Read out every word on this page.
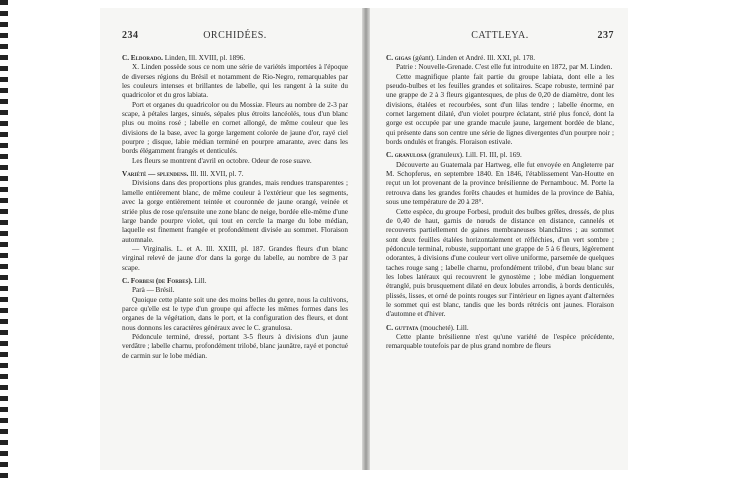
ORCHIDÉES.
234

C. Eldorado. Linden, Ill. XVIII, pl. 1896.

X. Linden possède sous ce nom une série de variétés importées à l'époque de diverses régions du Brésil et notamment de Rio-Negro, remarquables par les couleurs intenses et brillantes de labelle, qui les rangent à la suite du quadricolor et du gros labiata.

Port et organes du quadricolor ou du Mossiæ. Fleurs au nombre de 2-3 par scape, à pétales larges, sinués, sépales plus étroits lancéolés, tous d'un blanc plus ou moins rosé ; labelle en cornet allongé, de même couleur que les divisions de la base, avec la gorge largement colorée de jaune d'or, rayé ciel pourpre ; disque, labie médian terminé en pourpre amarante, avec dans les bords élégamment frangés et denticulés.

Les fleurs se montrent d'avril en octobre. Odeur de rose suave.

Variété — splendens. Ill. Ill. XVII, pl. 7.

Divisions dans des proportions plus grandes, mais rendues transparentes ; lamelle entièrement blanc, de même couleur à l'extérieur que les segments, avec la gorge entièrement teintée et couronnée de jaune orangé, veinée et striée plus de rose qu'ensuite une zone blanc de neige, bordée elle-même d'une large bande pourpre violet, qui tout en cercle la marge du lobe médian, laquelle est finement frangée et profondément divisée au sommet. Floraison automnale.

— Virginalis. L. et A. Ill. XXIII, pl. 187. Grandes fleurs d'un blanc virginal relevé de jaune d'or dans la gorge du labelle, au nombre de 3 par scape.

C. Forbesi (de Forbes). Lill.

Parà — Brésil.

Quoique cette plante soit une des moins belles du genre, nous la cultivons, parce qu'elle est le type d'un groupe qui affecte les mêmes formes dans les organes de la végétation, dans le port, et la configuration des fleurs, et dont nous donnons les caractères généraux avec le C. granulosa.

Pédoncule terminé, dressé, portant 3-5 fleurs à divisions d'un jaune verdâtre ; labelle charnu, profondément trilobé, blanc jaunâtre, rayé et ponctué de carmin sur le lobe médian.

CATTLEYA.	237

C. gigas (géant). Linden et André. Ill. XXI, pl. 178.

Patrie : Nouvelle-Grenade. C'est elle fut introduite en 1872, par M. Linden.

Cette magnifique plante fait partie du groupe labiata, dont elle a les pseudo-bulbes et les feuilles grandes et solitaires. Scape robuste, terminé par une grappe de 2 à 3 fleurs gigantesques, de plus de 0,20 de diamètre, dont les divisions, étalées et recourbées, sont d'un lilas tendre ; labelle énorme, en cornet largement dilaté, d'un violet pourpre éclatant, strié plus foncé, dont la gorge est occupée par une grande macule jaune, largement bordée de blanc, qui présente dans son centre une série de lignes divergentes d'un pourpre noir ; bords ondulés et frangés. Floraison estivale.

C. granulosa (granuleux). Lill. Fl. III, pl. 169.

Découverte au Guatemala par Hartweg, elle fut envoyée en Angleterre par M. Schopferus, en septembre 1840. En 1846, l'établissement Van-Houtte en reçut un lot provenant de la province brésilienne de Pernambouc. M. Porte la retrouva dans les grandes forêts chaudes et humides de la province de Bahia, sous une température de 20 à 28°.

Cette espèce, du groupe Forbesi, produit des bulbes grêles, dressés, de plus de 0,40 de haut, garnis de nœuds de distance en distance, cannelés et recouverts partiellement de gaines membraneuses blanchâtres ; au sommet sont deux feuilles étalées horizontalement et réfléchies, d'un vert sombre ; pédoncule terminal, robuste, supportant une grappe de 5 à 6 fleurs, légèrement odorantes, à divisions d'une couleur vert olive uniforme, parsemée de quelques taches rouge sang ; labelle charnu, profondément trilobé, d'un beau blanc sur les lobes latéraux qui recouvrent le gynostème ; lobe médian longuement étranglé, puis brusquement dilaté en deux lobules arrondis, à bords denticulés, plissés, lisses, et orné de points rouges sur l'intérieur en lignes ayant d'alternées le sommet qui est blanc, tandis que les bords rétrécis ont jaunes. Floraison d'automne et d'hiver.

C. guttata (moucheté). Lill.

Cette plante brésilienne n'est qu'une variété de l'espèce précédente, remarquable toutefois par de plus grand nombre de fleurs
